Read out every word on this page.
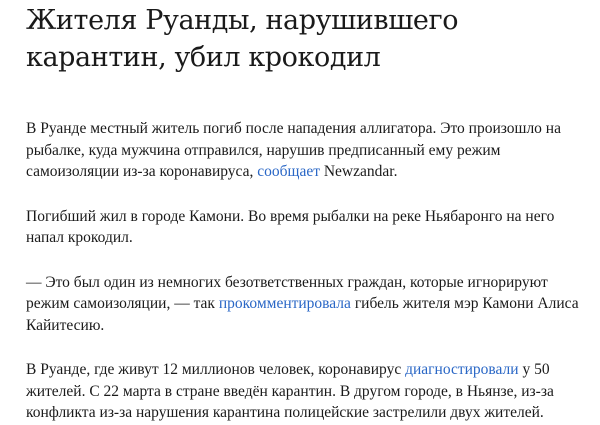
Жителя Руанды, нарушившего карантин, убил крокодил

В Руанде местный житель погиб после нападения аллигатора. Это произошло на рыбалке, куда мужчина отправился, нарушив предписанный ему режим самоизоляции из-за коронавируса, сообщает Newzandar.

Погибший жил в городе Камони. Во время рыбалки на реке Ньябаронго на него напал крокодил.

— Это был один из немногих безответственных граждан, которые игнорируют режим самоизоляции, — так прокомментировала гибель жителя мэр Камони Алиса Кайитесию.

В Руанде, где живут 12 миллионов человек, коронавирус диагностировали у 50 жителей. С 22 марта в стране введён карантин. В другом городе, в Ньянзе, из-за конфликта из-за нарушения карантина полицейские застрелили двух жителей.
